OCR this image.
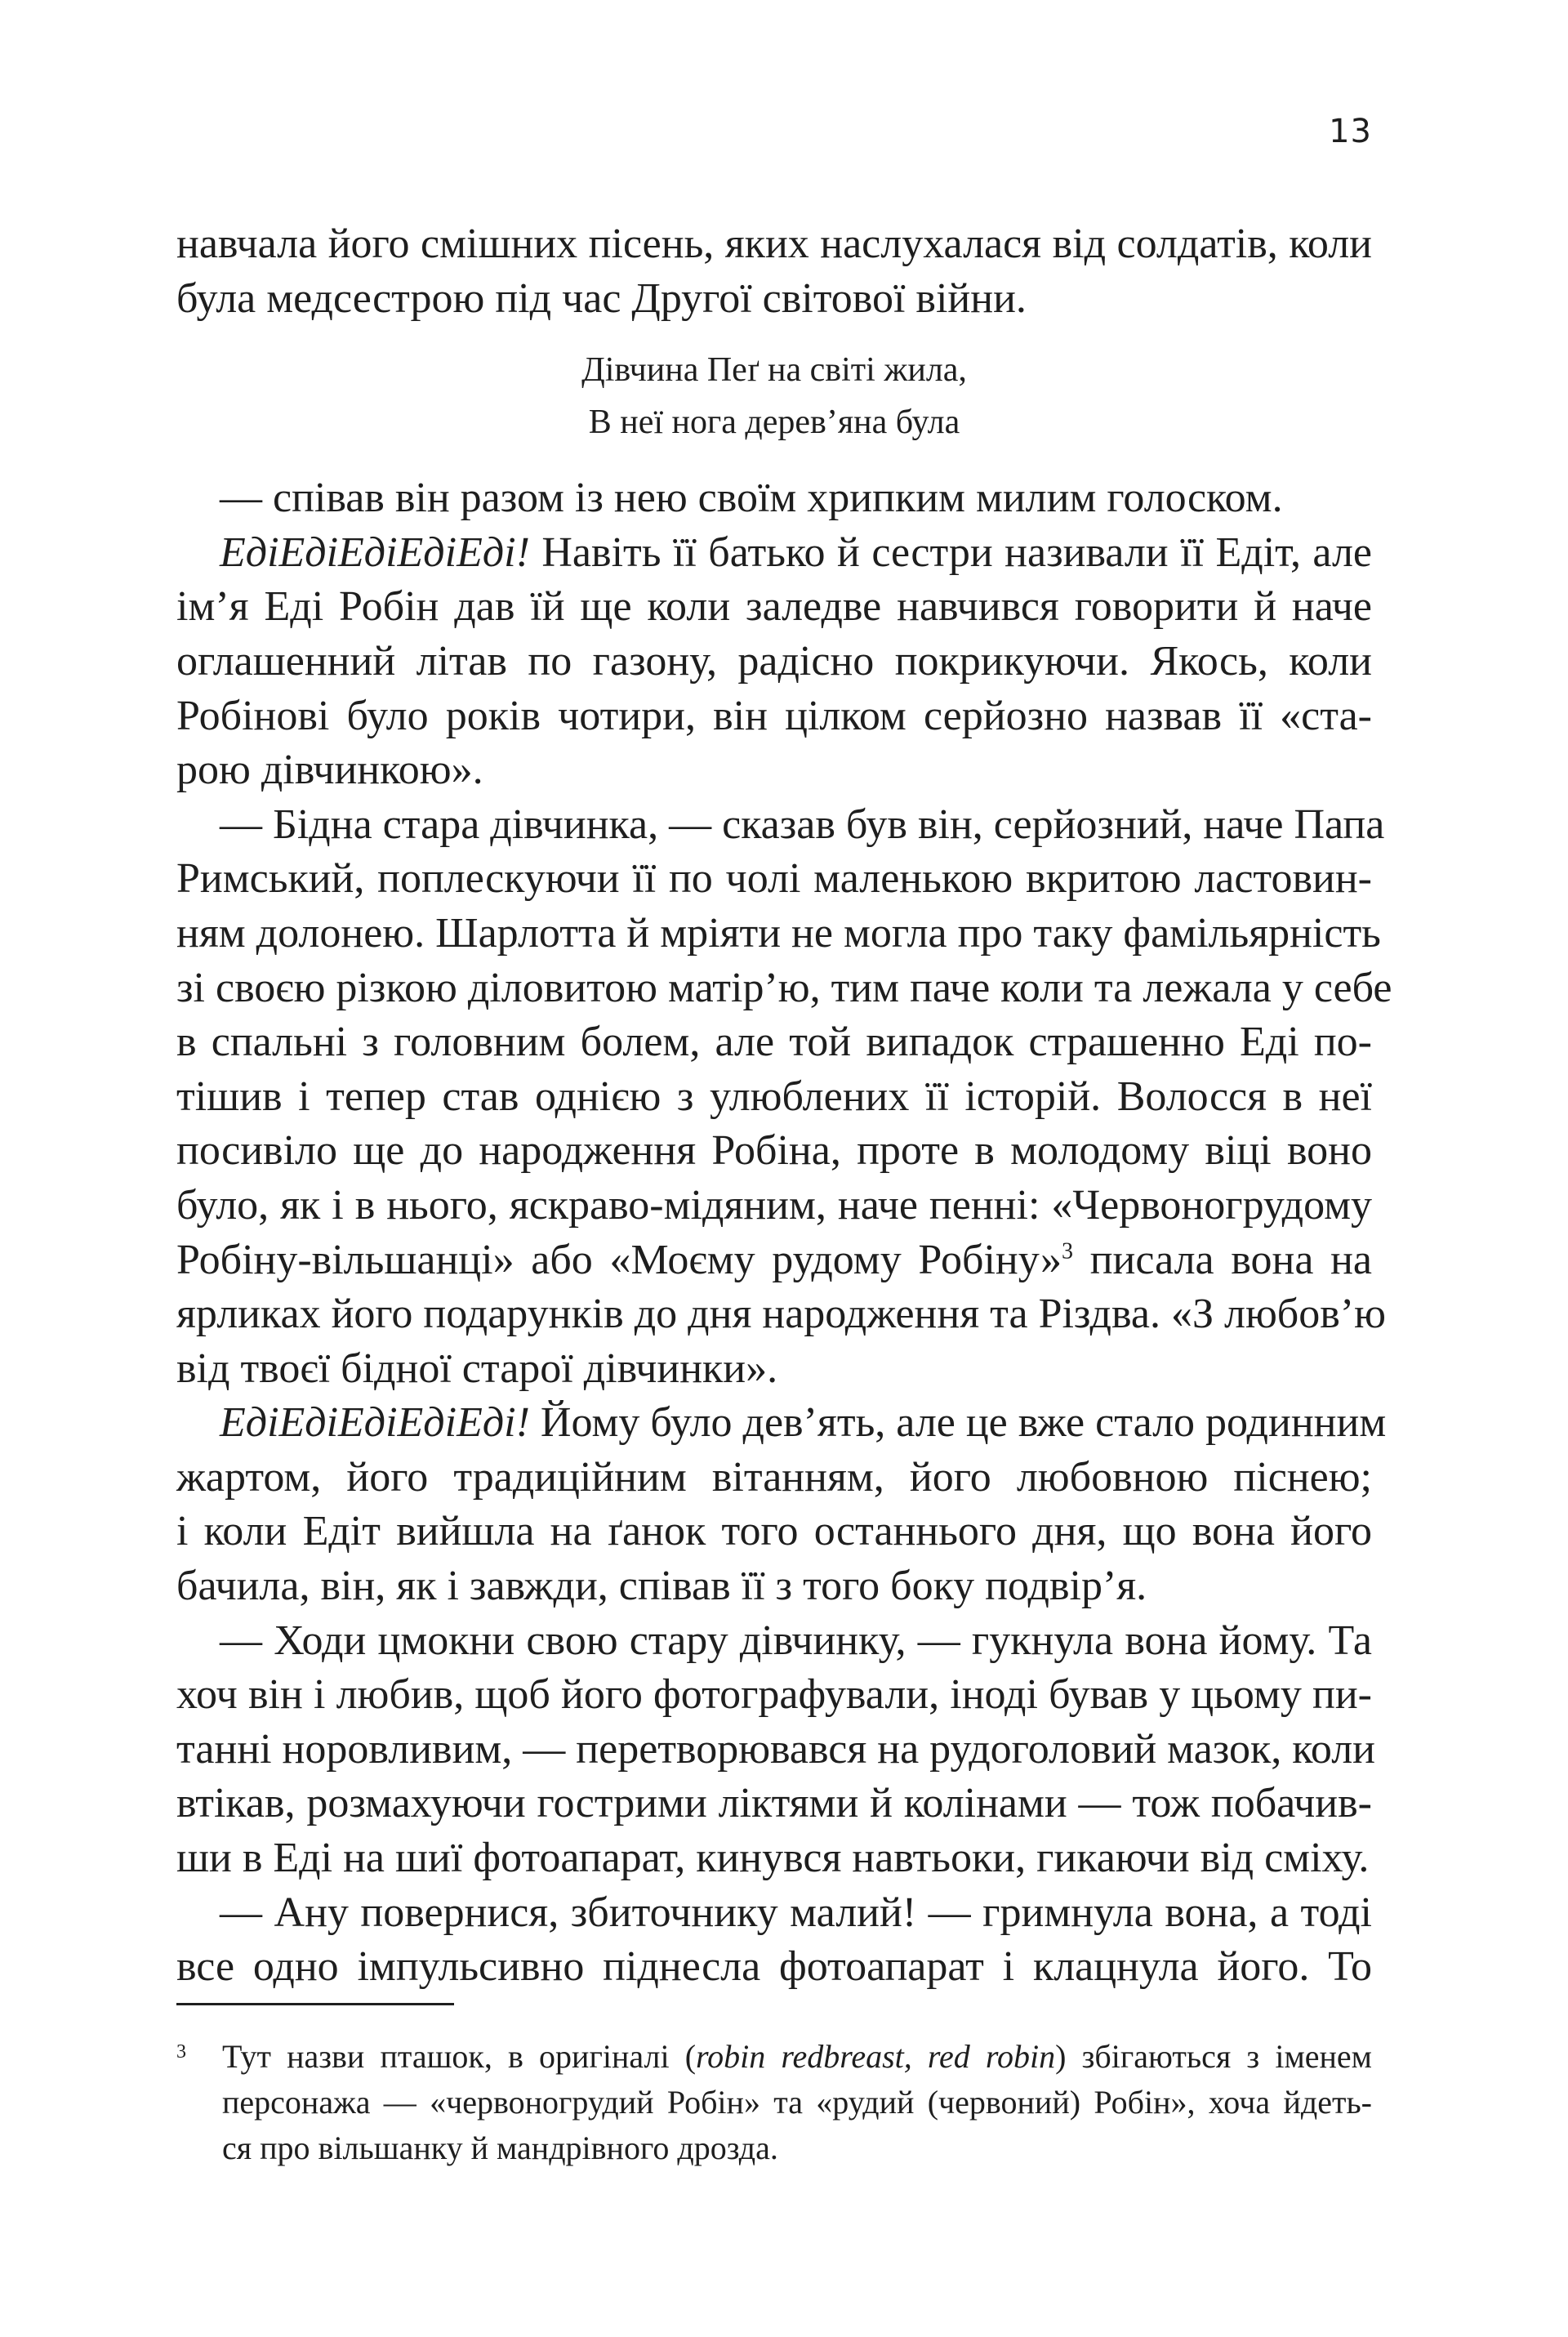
13
навчала його смішних пісень, яких наслухалася від солдатів, коли
була медсестрою під час Другої світової війни.
Дівчина Пеґ на світі жила,
В неї нога дерев’яна була
— співав він разом із нею своїм хрипким милим голоском.
ЕдіЕдіЕдіЕдіЕді! Навіть її батько й сестри називали її Едіт, але
ім’я Еді Робін дав їй ще коли заледве навчився говорити й наче
оглашенний літав по газону, радісно покрикуючи. Якось, коли
Робінові було років чотири, він цілком серйозно назвав її «ста-
рою дівчинкою».
— Бідна стара дівчинка, — сказав був він, серйозний, наче Папа
Римський, поплескуючи її по чолі маленькою вкритою ластовин-
ням долонею. Шарлотта й мріяти не могла про таку фамільярність
зі своєю різкою діловитою матір’ю, тим паче коли та лежала у себе
в спальні з головним болем, але той випадок страшенно Еді по-
тішив і тепер став однією з улюблених її історій. Волосся в неї
посивіло ще до народження Робіна, проте в молодому віці воно
було, як і в нього, яскраво-мідяним, наче пенні: «Червоногрудому
Робіну-вільшанці» або «Моєму рудому Робіну»$^3$ писала вона на
ярликах його подарунків до дня народження та Різдва. «З любов’ю
від твоєї бідної старої дівчинки».
ЕдіЕдіЕдіЕдіЕді! Йому було дев’ять, але це вже стало родинним
жартом, його традиційним вітанням, його любовною піснею;
і коли Едіт вийшла на ґанок того останнього дня, що вона його
бачила, він, як і завжди, співав її з того боку подвір’я.
— Ходи цмокни свою стару дівчинку, — гукнула вона йому. Та
хоч він і любив, щоб його фотографували, іноді бував у цьому пи-
танні норовливим, — перетворювався на рудоголовий мазок, коли
втікав, розмахуючи гострими ліктями й колінами — тож побачив-
ши в Еді на шиї фотоапарат, кинувся навтьоки, гикаючи від сміху.
— Ану повернися, збиточнику малий! — гримнула вона, а тоді
все одно імпульсивно піднесла фотоапарат і клацнула його. То
3 Тут назви пташок, в оригіналі (robin redbreast, red robin) збігаються з іменем
персонажа — «червоногрудий Робін» та «рудий (червоний) Робін», хоча йдеть-
ся про вільшанку й мандрівного дрозда.
